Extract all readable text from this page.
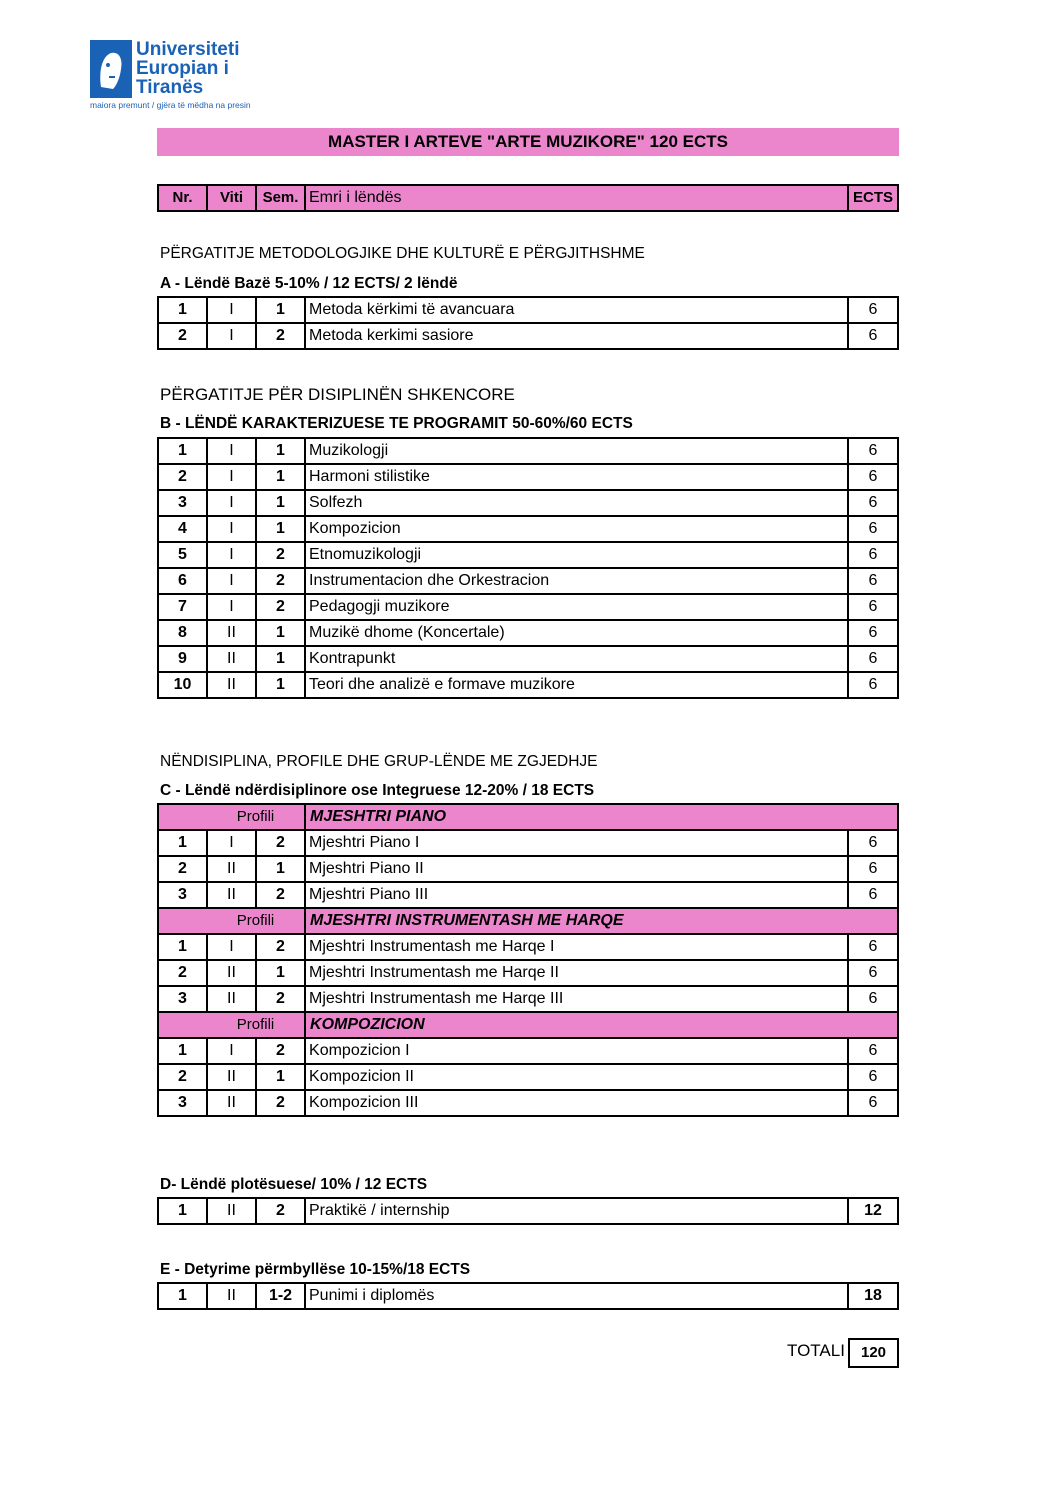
Universiteti
Europian i
Tiranës
maiora premunt / gjëra të mëdha na presin
MASTER I ARTEVE "ARTE MUZIKORE" 120 ECTS
Nr.	Viti	Sem.	Emri i lëndës	ECTS
PËRGATITJE METODOLOGJIKE DHE KULTURË E PËRGJITHSHME
A - Lëndë Bazë 5-10% / 12 ECTS/ 2 lëndë
1	I	1	Metoda kërkimi të avancuara	6
2	I	2	Metoda kerkimi sasiore	6
PËRGATITJE PËR DISIPLINËN SHKENCORE
B - LËNDË KARAKTERIZUESE TE PROGRAMIT 50-60%/60 ECTS
1	I	1	Muzikologji	6
2	I	1	Harmoni stilistike	6
3	I	1	Solfezh	6
4	I	1	Kompozicion	6
5	I	2	Etnomuzikologji	6
6	I	2	Instrumentacion dhe Orkestracion	6
7	I	2	Pedagogji muzikore	6
8	II	1	Muzikë dhome (Koncertale)	6
9	II	1	Kontrapunkt	6
10	II	1	Teori dhe analizë e formave muzikore	6
NËNDISIPLINA, PROFILE DHE GRUP-LËNDE ME ZGJEDHJE
C - Lëndë ndërdisiplinore ose Integruese 12-20% / 18 ECTS
	Profili		MJESHTRI PIANO	
1	I	2	Mjeshtri Piano I	6
2	II	1	Mjeshtri Piano II	6
3	II	2	Mjeshtri Piano III	6
	Profili		MJESHTRI INSTRUMENTASH ME HARQE	
1	I	2	Mjeshtri Instrumentash me Harqe I	6
2	II	1	Mjeshtri Instrumentash me Harqe II	6
3	II	2	Mjeshtri Instrumentash me Harqe III	6
	Profili		KOMPOZICION	
1	I	2	Kompozicion I	6
2	II	1	Kompozicion II	6
3	II	2	Kompozicion III	6
D- Lëndë plotësuese/ 10% / 12 ECTS
1	II	2	Praktikë / internship	12
E - Detyrime përmbyllëse 10-15%/18 ECTS
1	II	1-2	Punimi i diplomës	18
TOTALI	120
